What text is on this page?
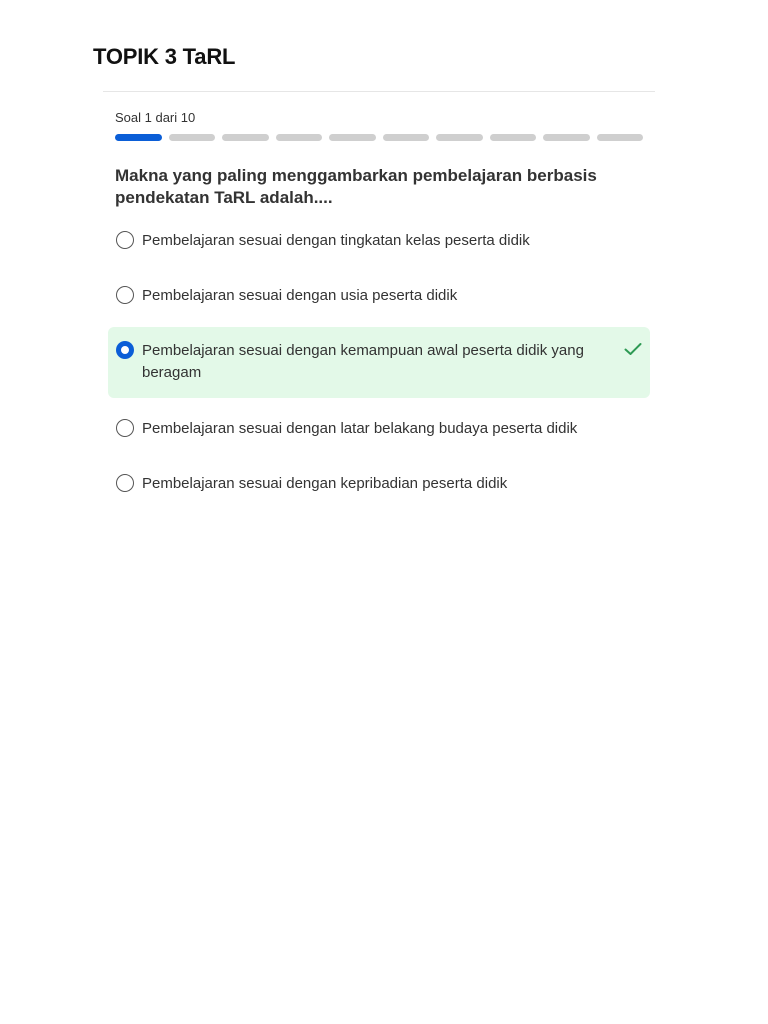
TOPIK 3 TaRL
Soal 1 dari 10

Makna yang paling menggambarkan pembelajaran berbasis pendekatan TaRL adalah....

Pembelajaran sesuai dengan tingkatan kelas peserta didik
Pembelajaran sesuai dengan usia peserta didik
Pembelajaran sesuai dengan kemampuan awal peserta didik yang beragam
Pembelajaran sesuai dengan latar belakang budaya peserta didik
Pembelajaran sesuai dengan kepribadian peserta didik
